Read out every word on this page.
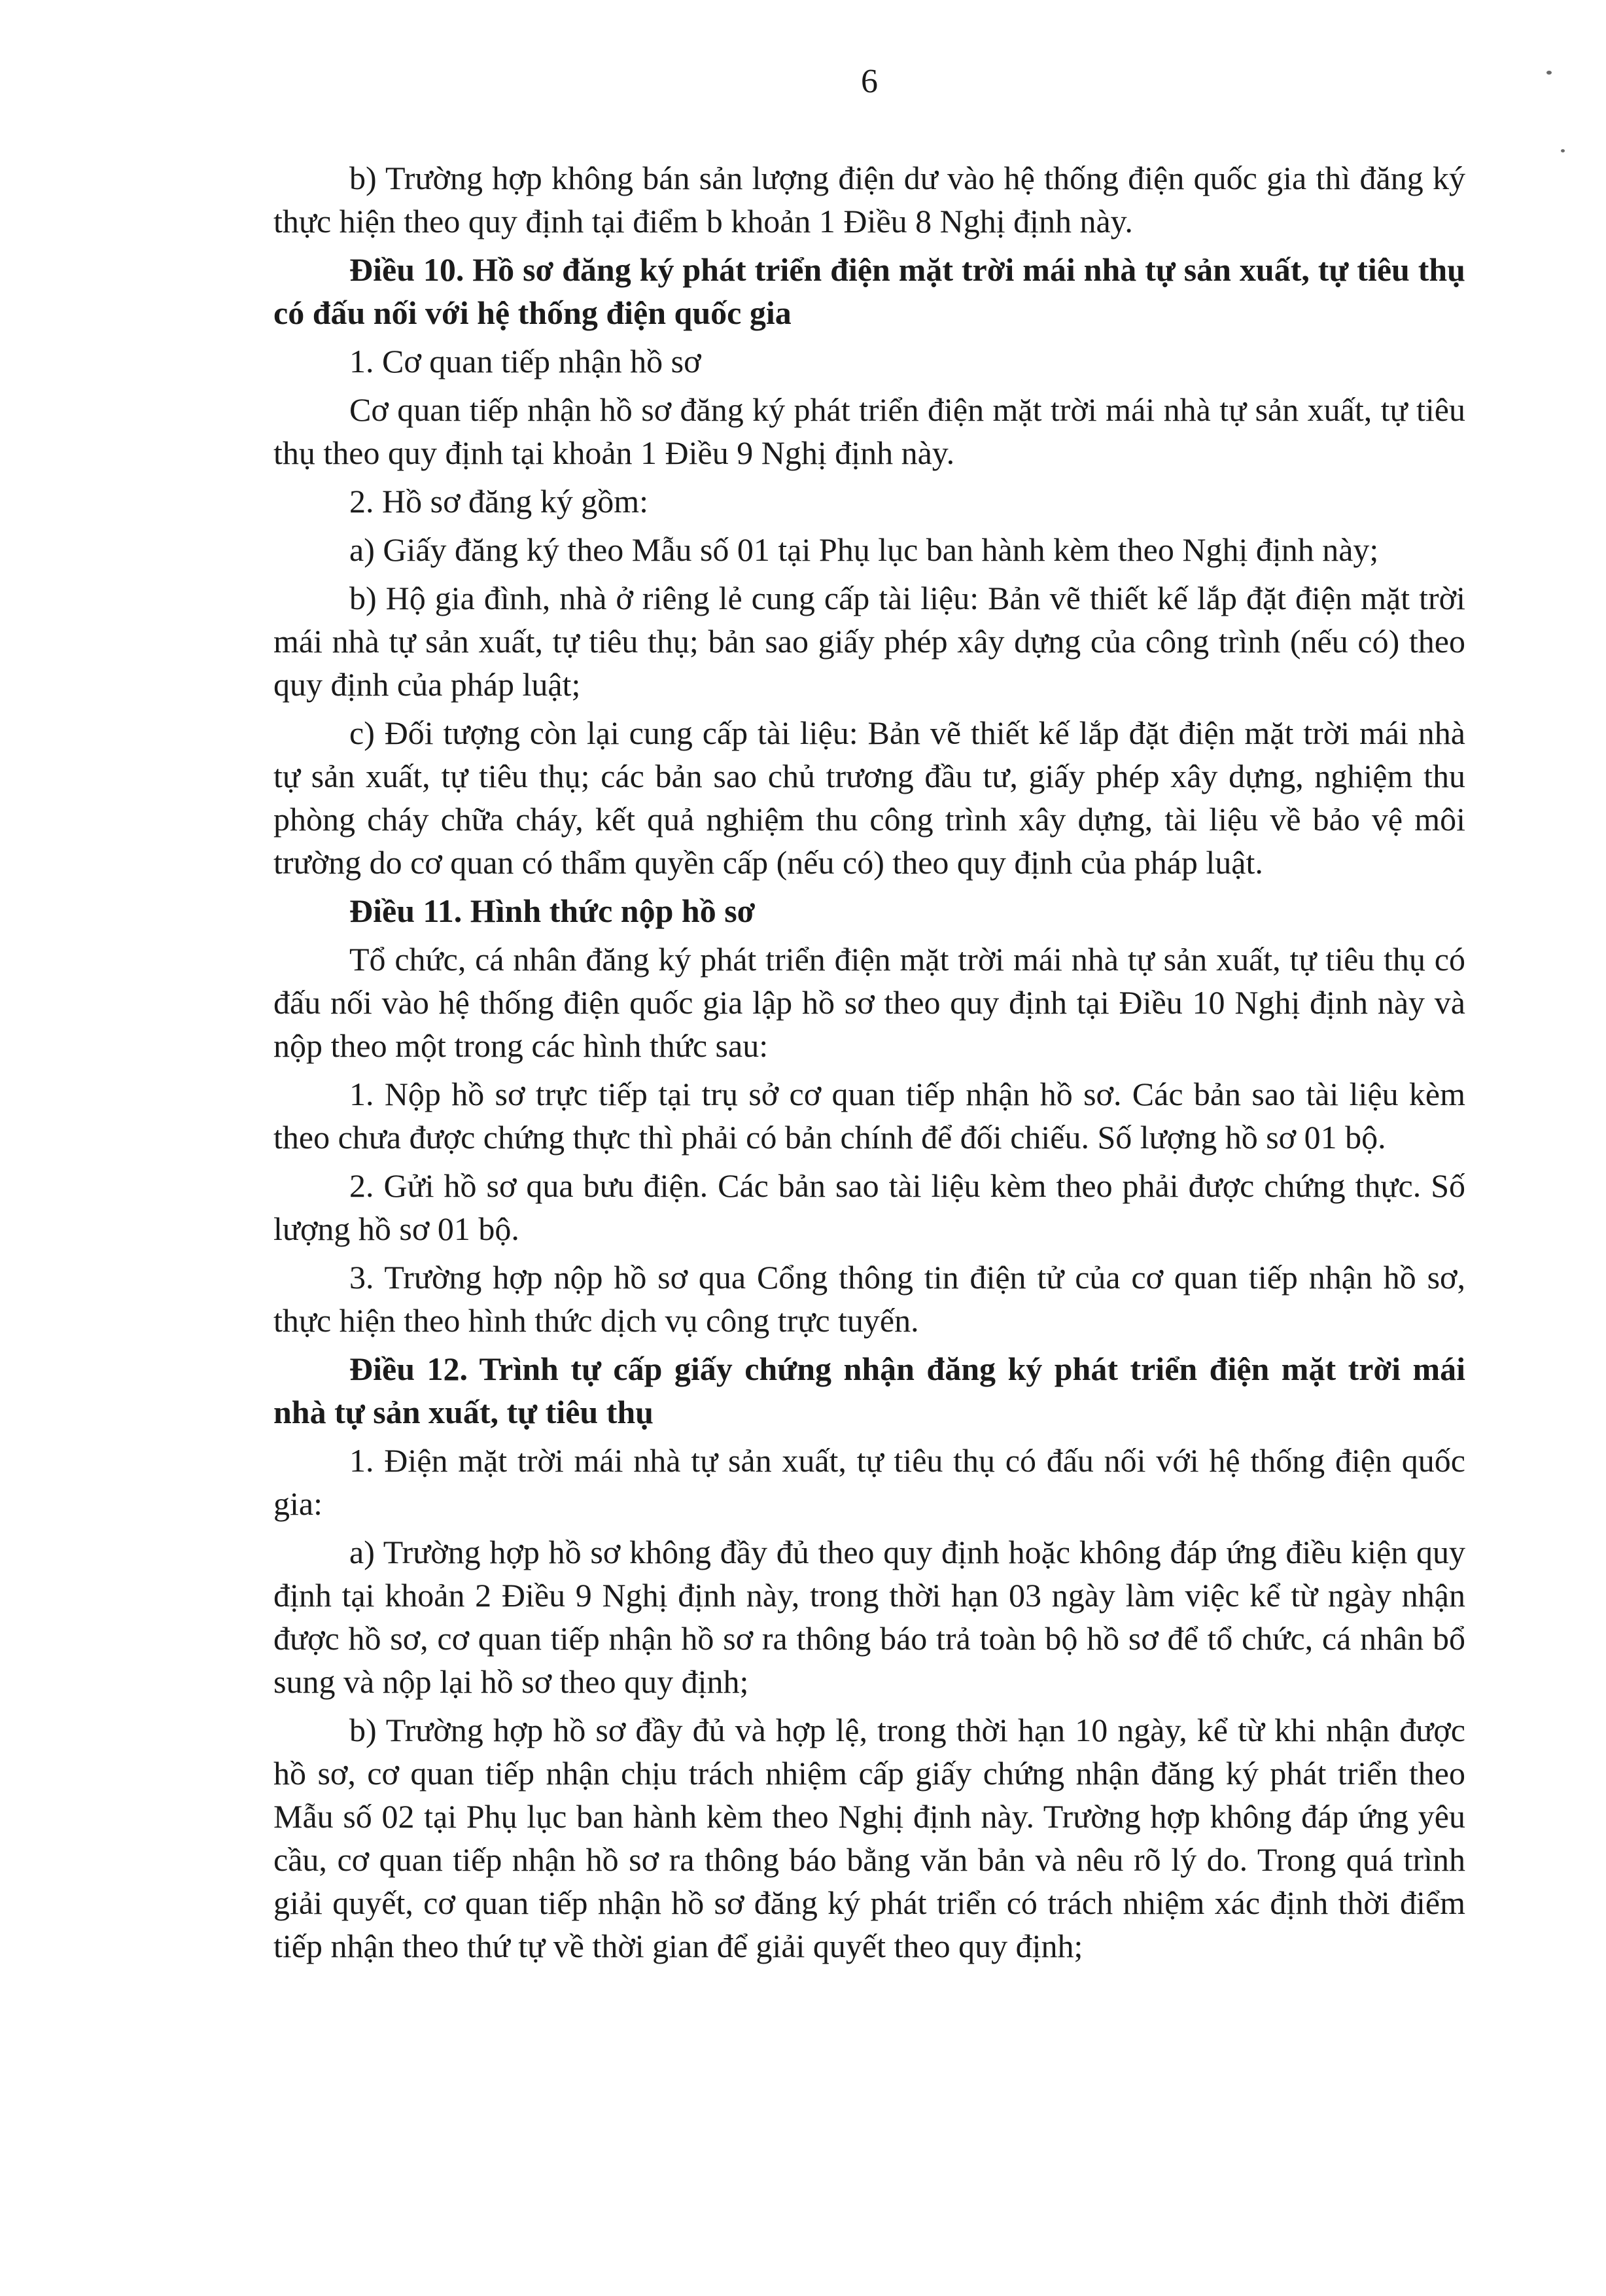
6

b) Trường hợp không bán sản lượng điện dư vào hệ thống điện quốc gia thì đăng ký thực hiện theo quy định tại điểm b khoản 1 Điều 8 Nghị định này.

Điều 10. Hồ sơ đăng ký phát triển điện mặt trời mái nhà tự sản xuất, tự tiêu thụ có đấu nối với hệ thống điện quốc gia

1. Cơ quan tiếp nhận hồ sơ

Cơ quan tiếp nhận hồ sơ đăng ký phát triển điện mặt trời mái nhà tự sản xuất, tự tiêu thụ theo quy định tại khoản 1 Điều 9 Nghị định này.

2. Hồ sơ đăng ký gồm:

a) Giấy đăng ký theo Mẫu số 01 tại Phụ lục ban hành kèm theo Nghị định này;

b) Hộ gia đình, nhà ở riêng lẻ cung cấp tài liệu: Bản vẽ thiết kế lắp đặt điện mặt trời mái nhà tự sản xuất, tự tiêu thụ; bản sao giấy phép xây dựng của công trình (nếu có) theo quy định của pháp luật;

c) Đối tượng còn lại cung cấp tài liệu: Bản vẽ thiết kế lắp đặt điện mặt trời mái nhà tự sản xuất, tự tiêu thụ; các bản sao chủ trương đầu tư, giấy phép xây dựng, nghiệm thu phòng cháy chữa cháy, kết quả nghiệm thu công trình xây dựng, tài liệu về bảo vệ môi trường do cơ quan có thẩm quyền cấp (nếu có) theo quy định của pháp luật.

Điều 11. Hình thức nộp hồ sơ

Tổ chức, cá nhân đăng ký phát triển điện mặt trời mái nhà tự sản xuất, tự tiêu thụ có đấu nối vào hệ thống điện quốc gia lập hồ sơ theo quy định tại Điều 10 Nghị định này và nộp theo một trong các hình thức sau:

1. Nộp hồ sơ trực tiếp tại trụ sở cơ quan tiếp nhận hồ sơ. Các bản sao tài liệu kèm theo chưa được chứng thực thì phải có bản chính để đối chiếu. Số lượng hồ sơ 01 bộ.

2. Gửi hồ sơ qua bưu điện. Các bản sao tài liệu kèm theo phải được chứng thực. Số lượng hồ sơ 01 bộ.

3. Trường hợp nộp hồ sơ qua Cổng thông tin điện tử của cơ quan tiếp nhận hồ sơ, thực hiện theo hình thức dịch vụ công trực tuyến.

Điều 12. Trình tự cấp giấy chứng nhận đăng ký phát triển điện mặt trời mái nhà tự sản xuất, tự tiêu thụ

1. Điện mặt trời mái nhà tự sản xuất, tự tiêu thụ có đấu nối với hệ thống điện quốc gia:

a) Trường hợp hồ sơ không đầy đủ theo quy định hoặc không đáp ứng điều kiện quy định tại khoản 2 Điều 9 Nghị định này, trong thời hạn 03 ngày làm việc kể từ ngày nhận được hồ sơ, cơ quan tiếp nhận hồ sơ ra thông báo trả toàn bộ hồ sơ để tổ chức, cá nhân bổ sung và nộp lại hồ sơ theo quy định;

b) Trường hợp hồ sơ đầy đủ và hợp lệ, trong thời hạn 10 ngày, kể từ khi nhận được hồ sơ, cơ quan tiếp nhận chịu trách nhiệm cấp giấy chứng nhận đăng ký phát triển theo Mẫu số 02 tại Phụ lục ban hành kèm theo Nghị định này. Trường hợp không đáp ứng yêu cầu, cơ quan tiếp nhận hồ sơ ra thông báo bằng văn bản và nêu rõ lý do. Trong quá trình giải quyết, cơ quan tiếp nhận hồ sơ đăng ký phát triển có trách nhiệm xác định thời điểm tiếp nhận theo thứ tự về thời gian để giải quyết theo quy định;
